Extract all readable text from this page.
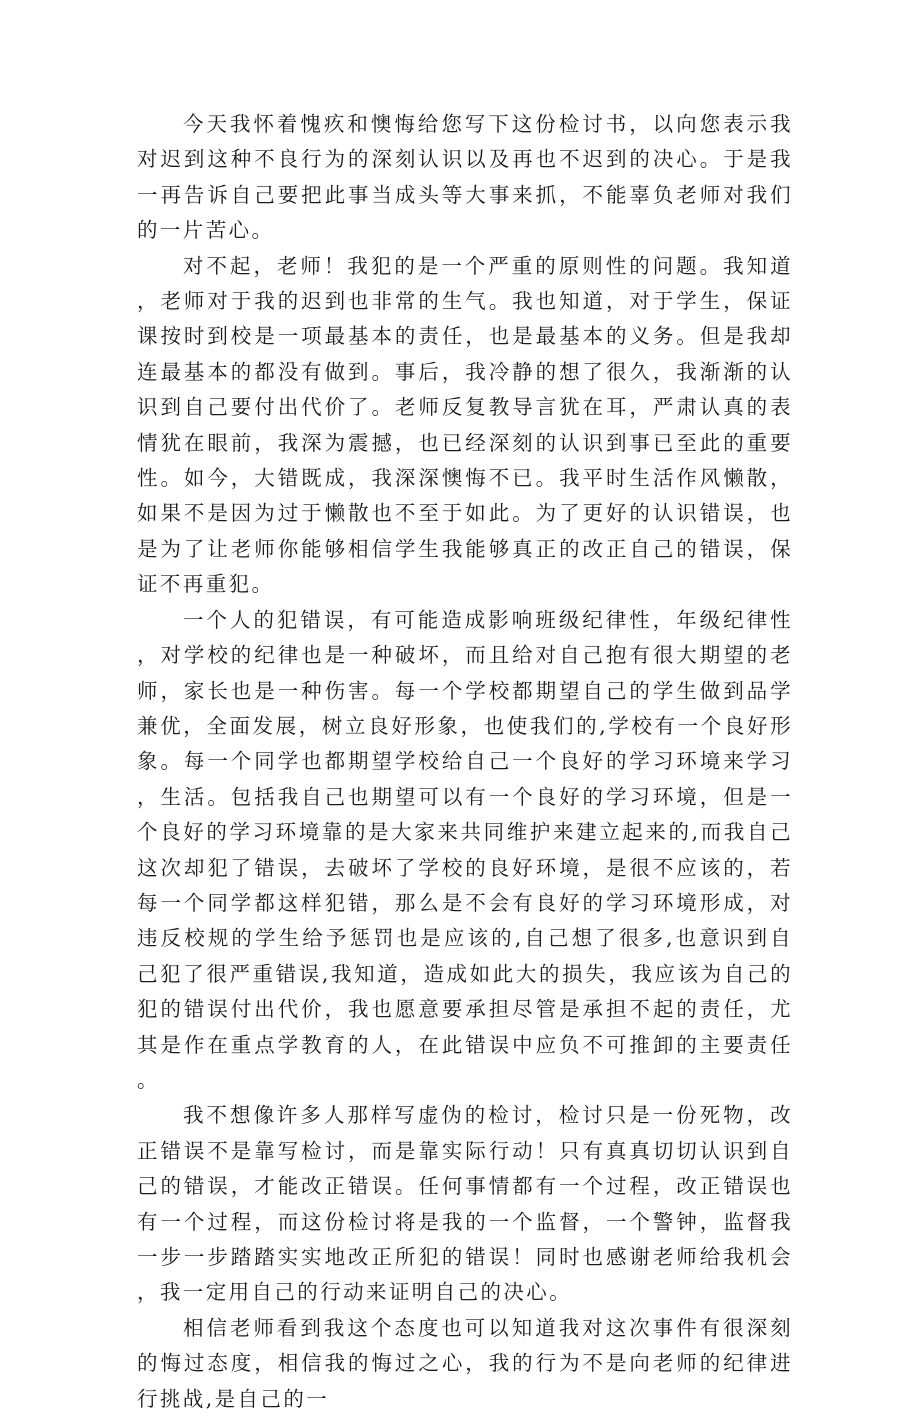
今天我怀着愧疚和懊悔给您写下这份检讨书，以向您表示我对迟到这种不良行为的深刻认识以及再也不迟到的决心。于是我一再告诉自己要把此事当成头等大事来抓，不能辜负老师对我们的一片苦心。

对不起，老师！我犯的是一个严重的原则性的问题。我知道，老师对于我的迟到也非常的生气。我也知道，对于学生，保证课按时到校是一项最基本的责任，也是最基本的义务。但是我却连最基本的都没有做到。事后，我冷静的想了很久，我渐渐的认识到自己要付出代价了。老师反复教导言犹在耳，严肃认真的表情犹在眼前，我深为震撼，也已经深刻的认识到事已至此的重要性。如今，大错既成，我深深懊悔不已。我平时生活作风懒散，如果不是因为过于懒散也不至于如此。为了更好的认识错误，也是为了让老师你能够相信学生我能够真正的改正自己的错误，保证不再重犯。

一个人的犯错误，有可能造成影响班级纪律性，年级纪律性，对学校的纪律也是一种破坏，而且给对自己抱有很大期望的老师，家长也是一种伤害。每一个学校都期望自己的学生做到品学兼优，全面发展，树立良好形象，也使我们的,学校有一个良好形象。每一个同学也都期望学校给自己一个良好的学习环境来学习，生活。包括我自己也期望可以有一个良好的学习环境，但是一个良好的学习环境靠的是大家来共同维护来建立起来的,而我自己这次却犯了错误，去破坏了学校的良好环境，是很不应该的，若每一个同学都这样犯错，那么是不会有良好的学习环境形成，对违反校规的学生给予惩罚也是应该的,自己想了很多,也意识到自己犯了很严重错误,我知道，造成如此大的损失，我应该为自己的犯的错误付出代价，我也愿意要承担尽管是承担不起的责任，尤其是作在重点学教育的人，在此错误中应负不可推卸的主要责任。

我不想像许多人那样写虚伪的检讨，检讨只是一份死物，改正错误不是靠写检讨，而是靠实际行动！只有真真切切认识到自己的错误，才能改正错误。任何事情都有一个过程，改正错误也有一个过程，而这份检讨将是我的一个监督，一个警钟，监督我一步一步踏踏实实地改正所犯的错误！同时也感谢老师给我机会，我一定用自己的行动来证明自己的决心。

相信老师看到我这个态度也可以知道我对这次事件有很深刻的悔过态度，相信我的悔过之心，我的行为不是向老师的纪律进行挑战,是自己的一
